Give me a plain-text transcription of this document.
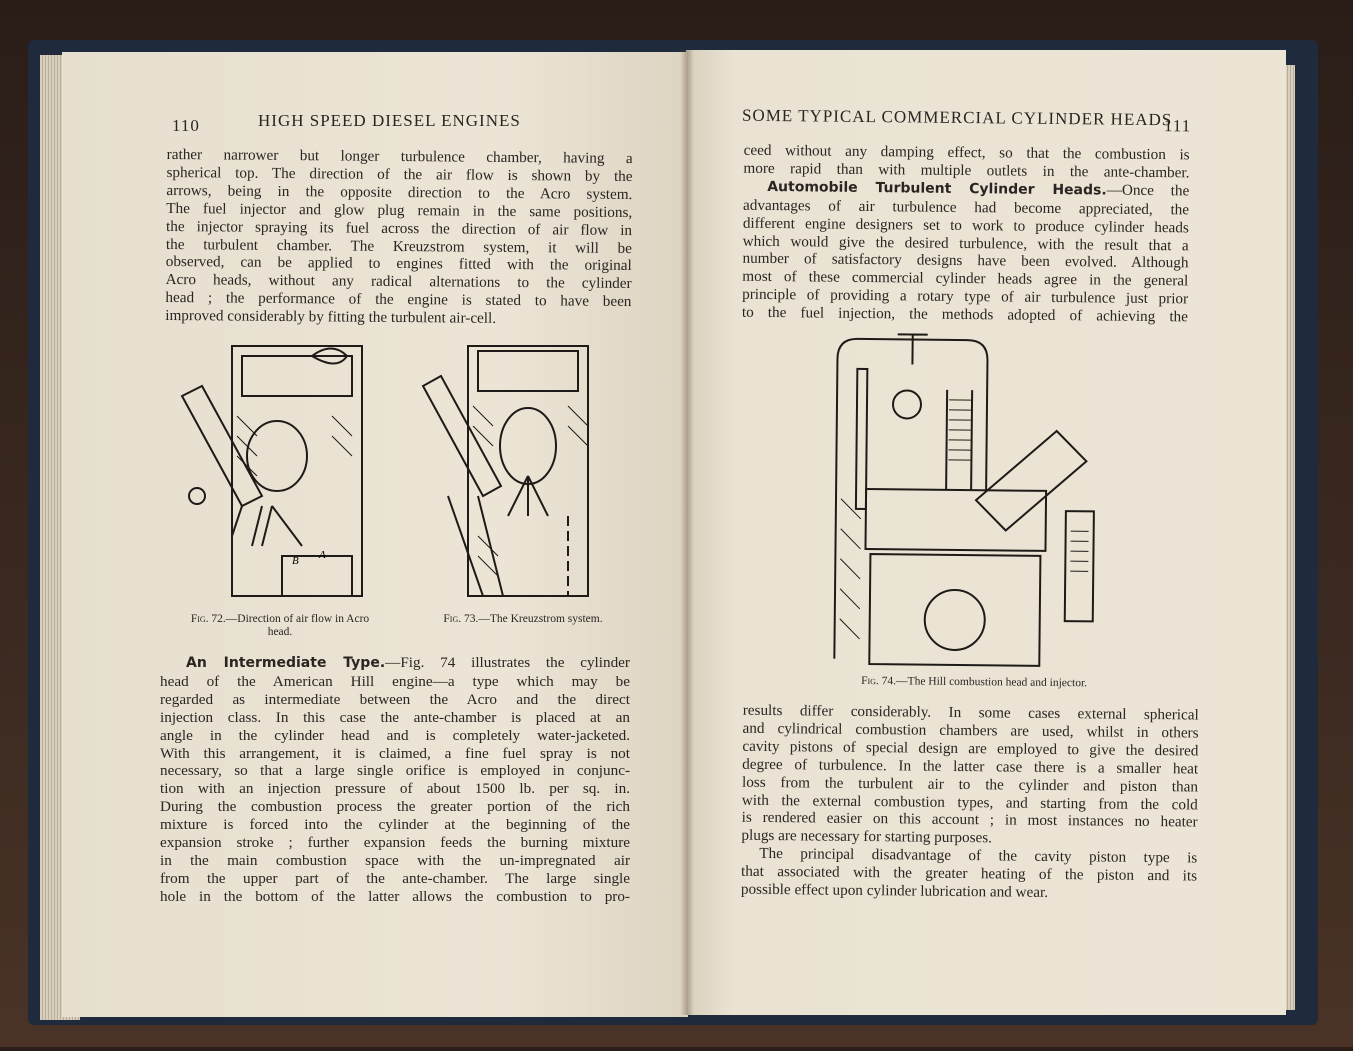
110	HIGH SPEED DIESEL ENGINES
rather narrower but longer turbulence chamber, having a
spherical top. The direction of the air flow is shown by the
arrows, being in the opposite direction to the Acro system.
The fuel injector and glow plug remain in the same positions,
the injector spraying its fuel across the direction of air flow in
the turbulent chamber. The Kreuzstrom system, it will be
observed, can be applied to engines fitted with the original
Acro heads, without any radical alternations to the cylinder
head ; the performance of the engine is stated to have been
improved considerably by fitting the turbulent air-cell.
B A
Fig. 72.—Direction of air flow in Acro
head.
Fig. 73.—The Kreuzstrom system.
An Intermediate Type.—Fig. 74 illustrates the cylinder
head of the American Hill engine—a type which may be
regarded as intermediate between the Acro and the direct
injection class. In this case the ante-chamber is placed at an
angle in the cylinder head and is completely water-jacketed.
With this arrangement, it is claimed, a fine fuel spray is not
necessary, so that a large single orifice is employed in conjunc-
tion with an injection pressure of about 1500 lb. per sq. in.
During the combustion process the greater portion of the rich
mixture is forced into the cylinder at the beginning of the
expansion stroke ; further expansion feeds the burning mixture
in the main combustion space with the un-impregnated air
from the upper part of the ante-chamber. The large single
hole in the bottom of the latter allows the combustion to pro-
SOME TYPICAL COMMERCIAL CYLINDER HEADS
111
ceed without any damping effect, so that the combustion is
more rapid than with multiple outlets in the ante-chamber.
Automobile Turbulent Cylinder Heads.—Once the
advantages of air turbulence had become appreciated, the
different engine designers set to work to produce cylinder heads
which would give the desired turbulence, with the result that a
number of satisfactory designs have been evolved. Although
most of these commercial cylinder heads agree in the general
principle of providing a rotary type of air turbulence just prior
to the fuel injection, the methods adopted of achieving the
Fig. 74.—The Hill combustion head and injector.
results differ considerably. In some cases external spherical
and cylindrical combustion chambers are used, whilst in others
cavity pistons of special design are employed to give the desired
degree of turbulence. In the latter case there is a smaller heat
loss from the turbulent air to the cylinder and piston than
with the external combustion types, and starting from the cold
is rendered easier on this account ; in most instances no heater
plugs are necessary for starting purposes.
The principal disadvantage of the cavity piston type is
that associated with the greater heating of the piston and its
possible effect upon cylinder lubrication and wear.
